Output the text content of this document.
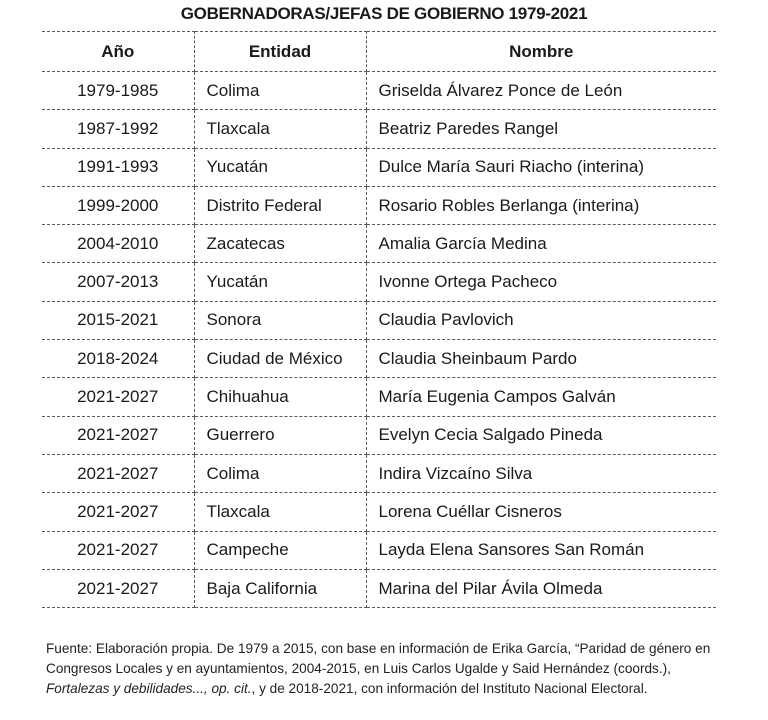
GOBERNADORAS/JEFAS DE GOBIERNO 1979-2021
Año	Entidad	Nombre
1979-1985	Colima	Griselda Álvarez Ponce de León
1987-1992	Tlaxcala	Beatriz Paredes Rangel
1991-1993	Yucatán	Dulce María Sauri Riacho (interina)
1999-2000	Distrito Federal	Rosario Robles Berlanga (interina)
2004-2010	Zacatecas	Amalia García Medina
2007-2013	Yucatán	Ivonne Ortega Pacheco
2015-2021	Sonora	Claudia Pavlovich
2018-2024	Ciudad de México	Claudia Sheinbaum Pardo
2021-2027	Chihuahua	María Eugenia Campos Galván
2021-2027	Guerrero	Evelyn Cecia Salgado Pineda
2021-2027	Colima	Indira Vizcaíno Silva
2021-2027	Tlaxcala	Lorena Cuéllar Cisneros
2021-2027	Campeche	Layda Elena Sansores San Román
2021-2027	Baja California	Marina del Pilar Ávila Olmeda
Fuente: Elaboración propia. De 1979 a 2015, con base en información de Erika García, “Paridad de género en Congresos Locales y en ayuntamientos, 2004-2015, en Luis Carlos Ugalde y Said Hernández (coords.), Fortalezas y debilidades..., op. cit., y de 2018-2021, con información del Instituto Nacional Electoral.
